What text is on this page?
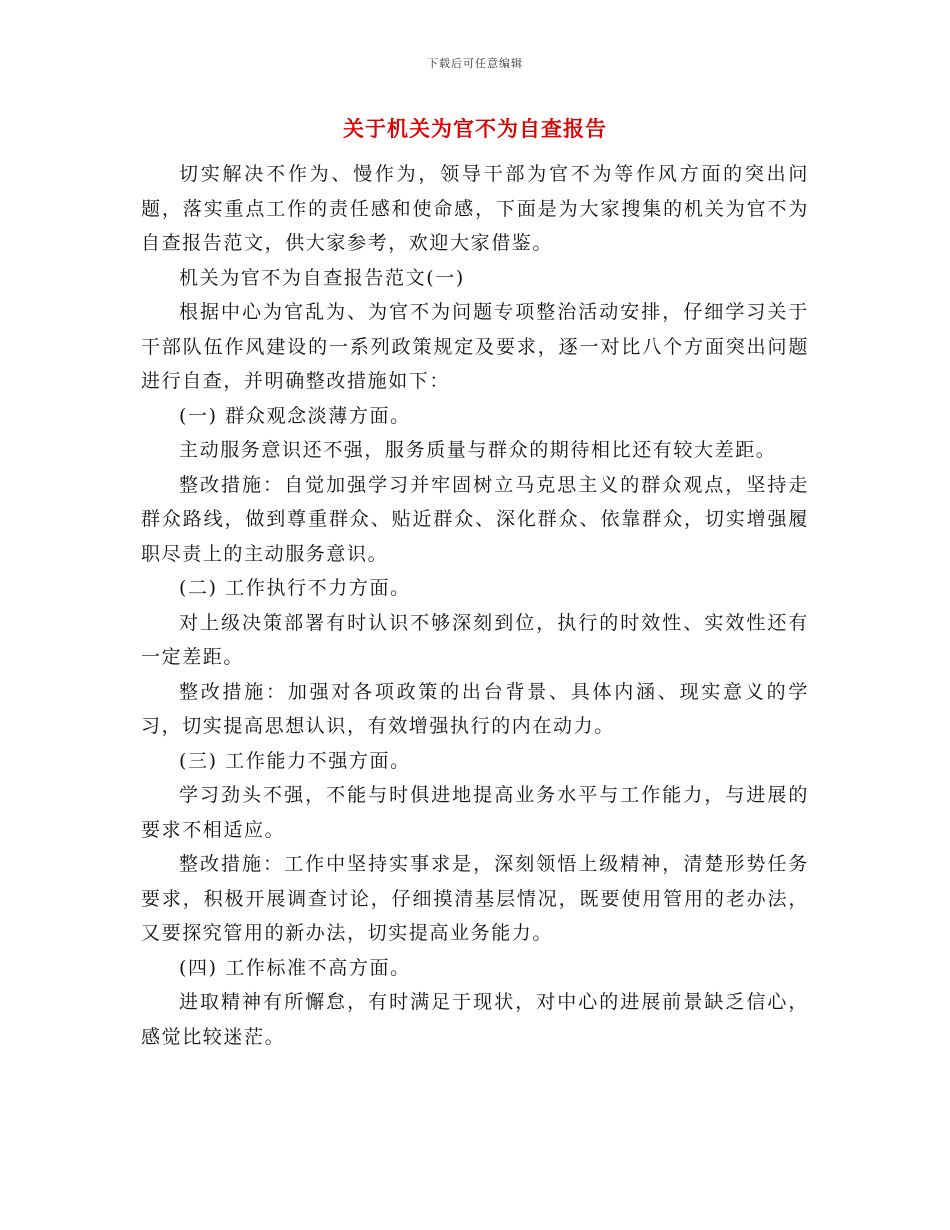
下载后可任意编辑
关于机关为官不为自查报告

切实解决不作为、慢作为，领导干部为官不为等作风方面的突出问题，落实重点工作的责任感和使命感，下面是为大家搜集的机关为官不为自查报告范文，供大家参考，欢迎大家借鉴。

机关为官不为自查报告范文(一)

根据中心为官乱为、为官不为问题专项整治活动安排，仔细学习关于干部队伍作风建设的一系列政策规定及要求，逐一对比八个方面突出问题进行自查，并明确整改措施如下：

(一) 群众观念淡薄方面。

主动服务意识还不强，服务质量与群众的期待相比还有较大差距。

整改措施：自觉加强学习并牢固树立马克思主义的群众观点，坚持走群众路线，做到尊重群众、贴近群众、深化群众、依靠群众，切实增强履职尽责上的主动服务意识。

(二) 工作执行不力方面。

对上级决策部署有时认识不够深刻到位，执行的时效性、实效性还有一定差距。

整改措施：加强对各项政策的出台背景、具体内涵、现实意义的学习，切实提高思想认识，有效增强执行的内在动力。

(三) 工作能力不强方面。

学习劲头不强，不能与时俱进地提高业务水平与工作能力，与进展的要求不相适应。

整改措施：工作中坚持实事求是，深刻领悟上级精神，清楚形势任务要求，积极开展调查讨论，仔细摸清基层情况，既要使用管用的老办法，又要探究管用的新办法，切实提高业务能力。

(四) 工作标准不高方面。

进取精神有所懈怠，有时满足于现状，对中心的进展前景缺乏信心，感觉比较迷茫。
